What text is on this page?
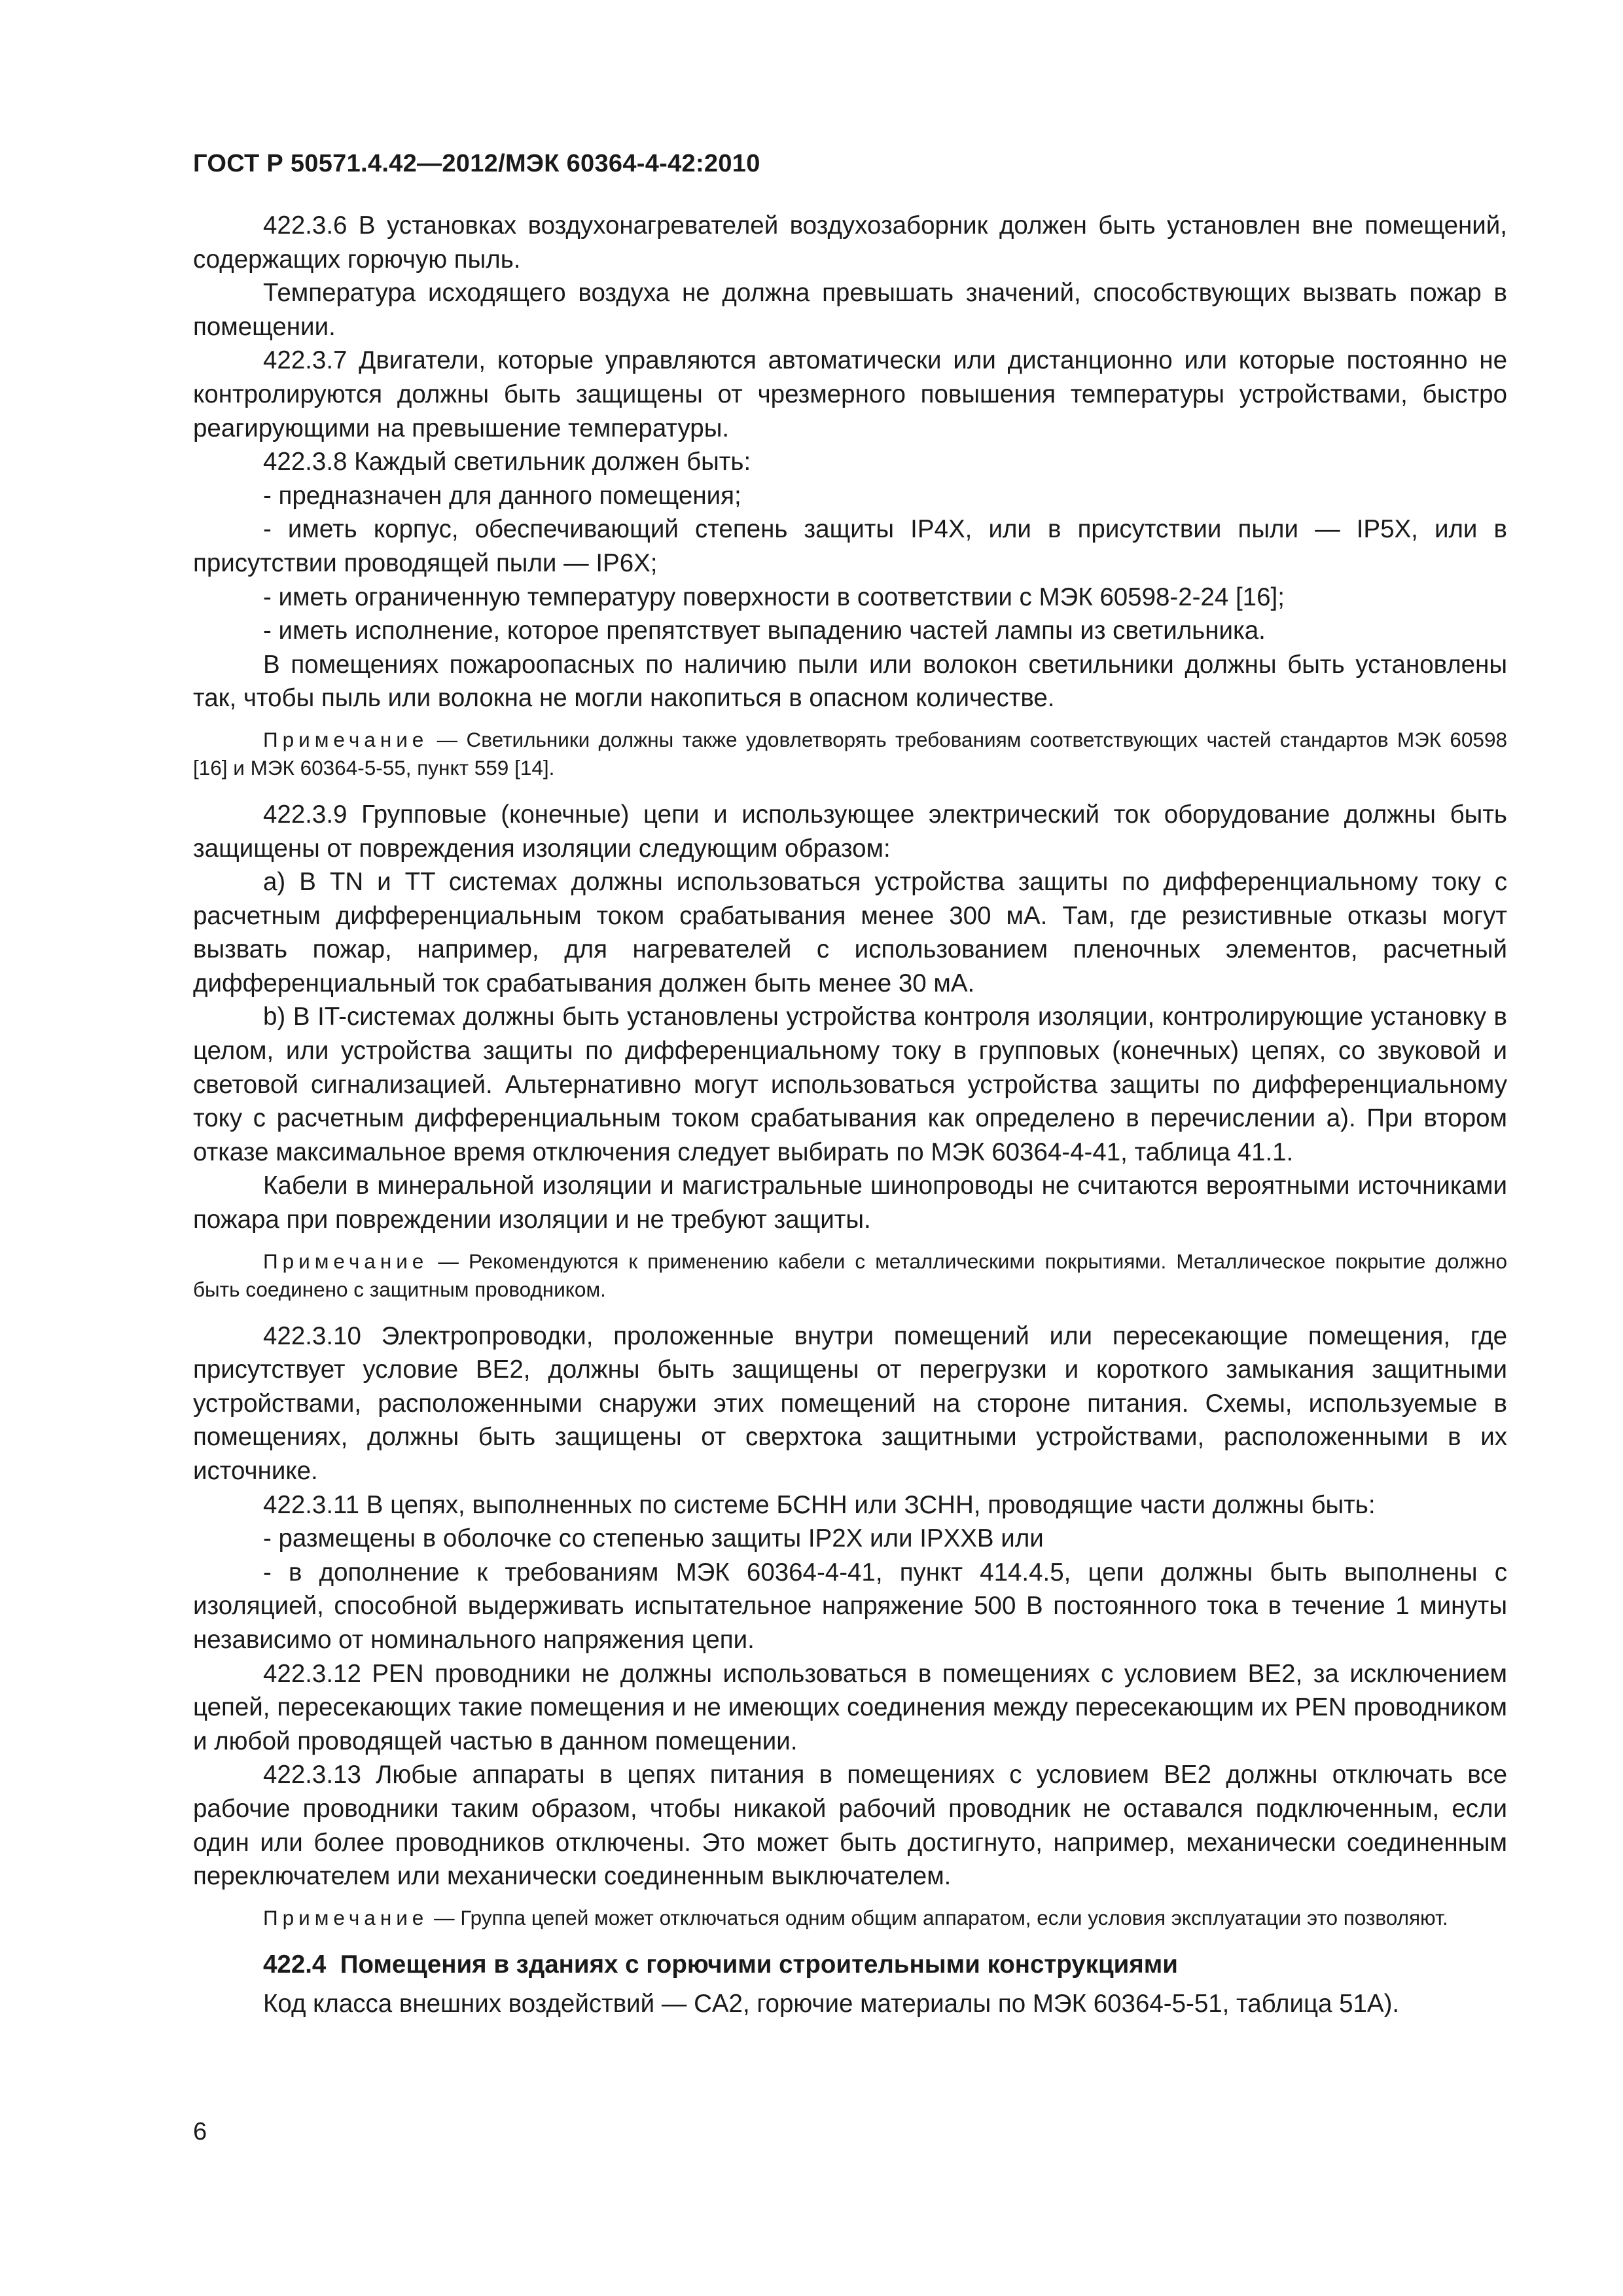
ГОСТ Р 50571.4.42—2012/МЭК 60364-4-42:2010

422.3.6 В установках воздухонагревателей воздухозаборник должен быть установлен вне помещений, содержащих горючую пыль.

Температура исходящего воздуха не должна превышать значений, способствующих вызвать пожар в помещении.

422.3.7 Двигатели, которые управляются автоматически или дистанционно или которые постоянно не контролируются должны быть защищены от чрезмерного повышения температуры устройствами, быстро реагирующими на превышение температуры.

422.3.8 Каждый светильник должен быть:

- предназначен для данного помещения;

- иметь корпус, обеспечивающий степень защиты IP4X, или в присутствии пыли — IP5X, или в присутствии проводящей пыли — IP6X;

- иметь ограниченную температуру поверхности в соответствии с МЭК 60598-2-24 [16];

- иметь исполнение, которое препятствует выпадению частей лампы из светильника.

В помещениях пожароопасных по наличию пыли или волокон светильники должны быть установлены так, чтобы пыль или волокна не могли накопиться в опасном количестве.

Примечание — Светильники должны также удовлетворять требованиям соответствующих частей стандартов МЭК 60598 [16] и МЭК 60364-5-55, пункт 559 [14].

422.3.9 Групповые (конечные) цепи и использующее электрический ток оборудование должны быть защищены от повреждения изоляции следующим образом:

a) В TN и TT системах должны использоваться устройства защиты по дифференциальному току с расчетным дифференциальным током срабатывания менее 300 мА. Там, где резистивные отказы могут вызвать пожар, например, для нагревателей с использованием пленочных элементов, расчетный дифференциальный ток срабатывания должен быть менее 30 мА.

b) В IT-системах должны быть установлены устройства контроля изоляции, контролирующие установку в целом, или устройства защиты по дифференциальному току в групповых (конечных) цепях, со звуковой и световой сигнализацией. Альтернативно могут использоваться устройства защиты по дифференциальному току с расчетным дифференциальным током срабатывания как определено в перечислении а). При втором отказе максимальное время отключения следует выбирать по МЭК 60364-4-41, таблица 41.1.

Кабели в минеральной изоляции и магистральные шинопроводы не считаются вероятными источниками пожара при повреждении изоляции и не требуют защиты.

Примечание — Рекомендуются к применению кабели с металлическими покрытиями. Металлическое покрытие должно быть соединено с защитным проводником.

422.3.10 Электропроводки, проложенные внутри помещений или пересекающие помещения, где присутствует условие BE2, должны быть защищены от перегрузки и короткого замыкания защитными устройствами, расположенными снаружи этих помещений на стороне питания. Схемы, используемые в помещениях, должны быть защищены от сверхтока защитными устройствами, расположенными в их источнике.

422.3.11 В цепях, выполненных по системе БСНН или ЗСНН, проводящие части должны быть:

- размещены в оболочке со степенью защиты IP2X или IPXXB или

- в дополнение к требованиям МЭК 60364-4-41, пункт 414.4.5, цепи должны быть выполнены с изоляцией, способной выдерживать испытательное напряжение 500 В постоянного тока в течение 1 минуты независимо от номинального напряжения цепи.

422.3.12 PEN проводники не должны использоваться в помещениях с условием BE2, за исключением цепей, пересекающих такие помещения и не имеющих соединения между пересекающим их PEN проводником и любой проводящей частью в данном помещении.

422.3.13 Любые аппараты в цепях питания в помещениях с условием BE2 должны отключать все рабочие проводники таким образом, чтобы никакой рабочий проводник не оставался подключенным, если один или более проводников отключены. Это может быть достигнуто, например, механически соединенным переключателем или механически соединенным выключателем.

Примечание — Группа цепей может отключаться одним общим аппаратом, если условия эксплуатации это позволяют.
422.4 Помещения в зданиях с горючими строительными конструкциями

Код класса внешних воздействий — CA2, горючие материалы по МЭК 60364-5-51, таблица 51А).

6
